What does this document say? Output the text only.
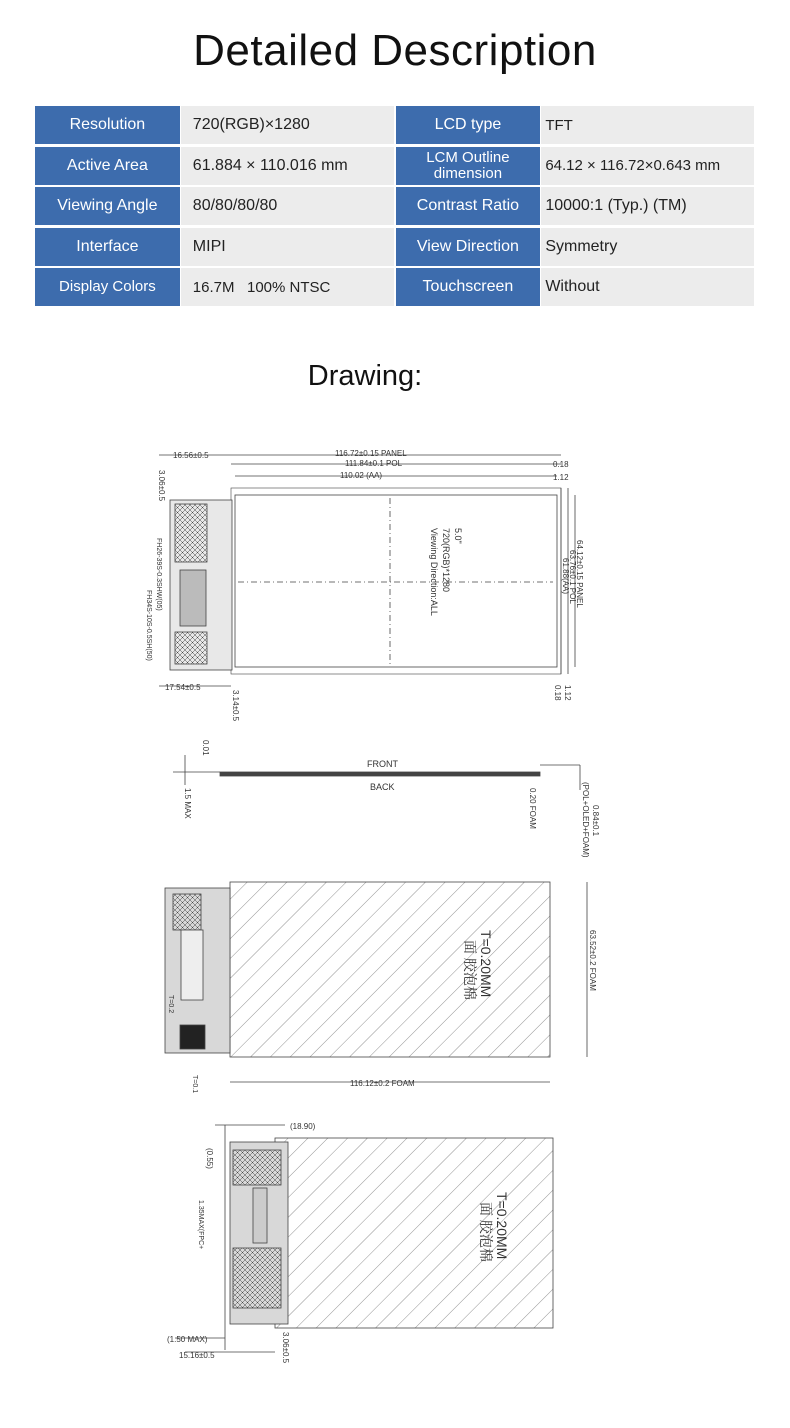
Detailed Description
Resolution	720(RGB)×1280	LCD type	TFT
Active Area	61.884 × 110.016 mm	LCM Outline dimension	64.12 × 116.72×0.643 mm
Viewing Angle	80/80/80/80	Contrast Ratio	10000:1 (Typ.) (TM)
Interface	MIPI	View Direction	Symmetry
Display Colors	16.7M   100% NTSC	Touchscreen	Without
Drawing:
116.72±0.15 PANEL
111.84±0.1 POL
110.02 (AA)
0.18
1.12
16.56±0.5
3.06±0.5
64.12±0.15 PANEL
63.76±0.1 POL
61.88(AA)
0.18 1.12
17.54±0.5
3.14±0.5
5.0"
720(RGB)*1280
Viewing Direction:ALL
FH26-39S-0.3SHW(05)
FH34S-10S-0.5SH(50)
FRONT
BACK
0.01
1.5 MAX	0.20 FOAM	0.84±0.1
(POL+OLED+FOAM)
面 胶泡棉 T=0.20MM	63.52±0.2 FOAM
116.12±0.2 FOAM
T=0.2
T=0.1
(18.90)
(0.55)
(1.50 MAX)
15.16±0.5	3.06±0.5
1.35MAX(FPC+	面 胶泡棉 T=0.20MM
